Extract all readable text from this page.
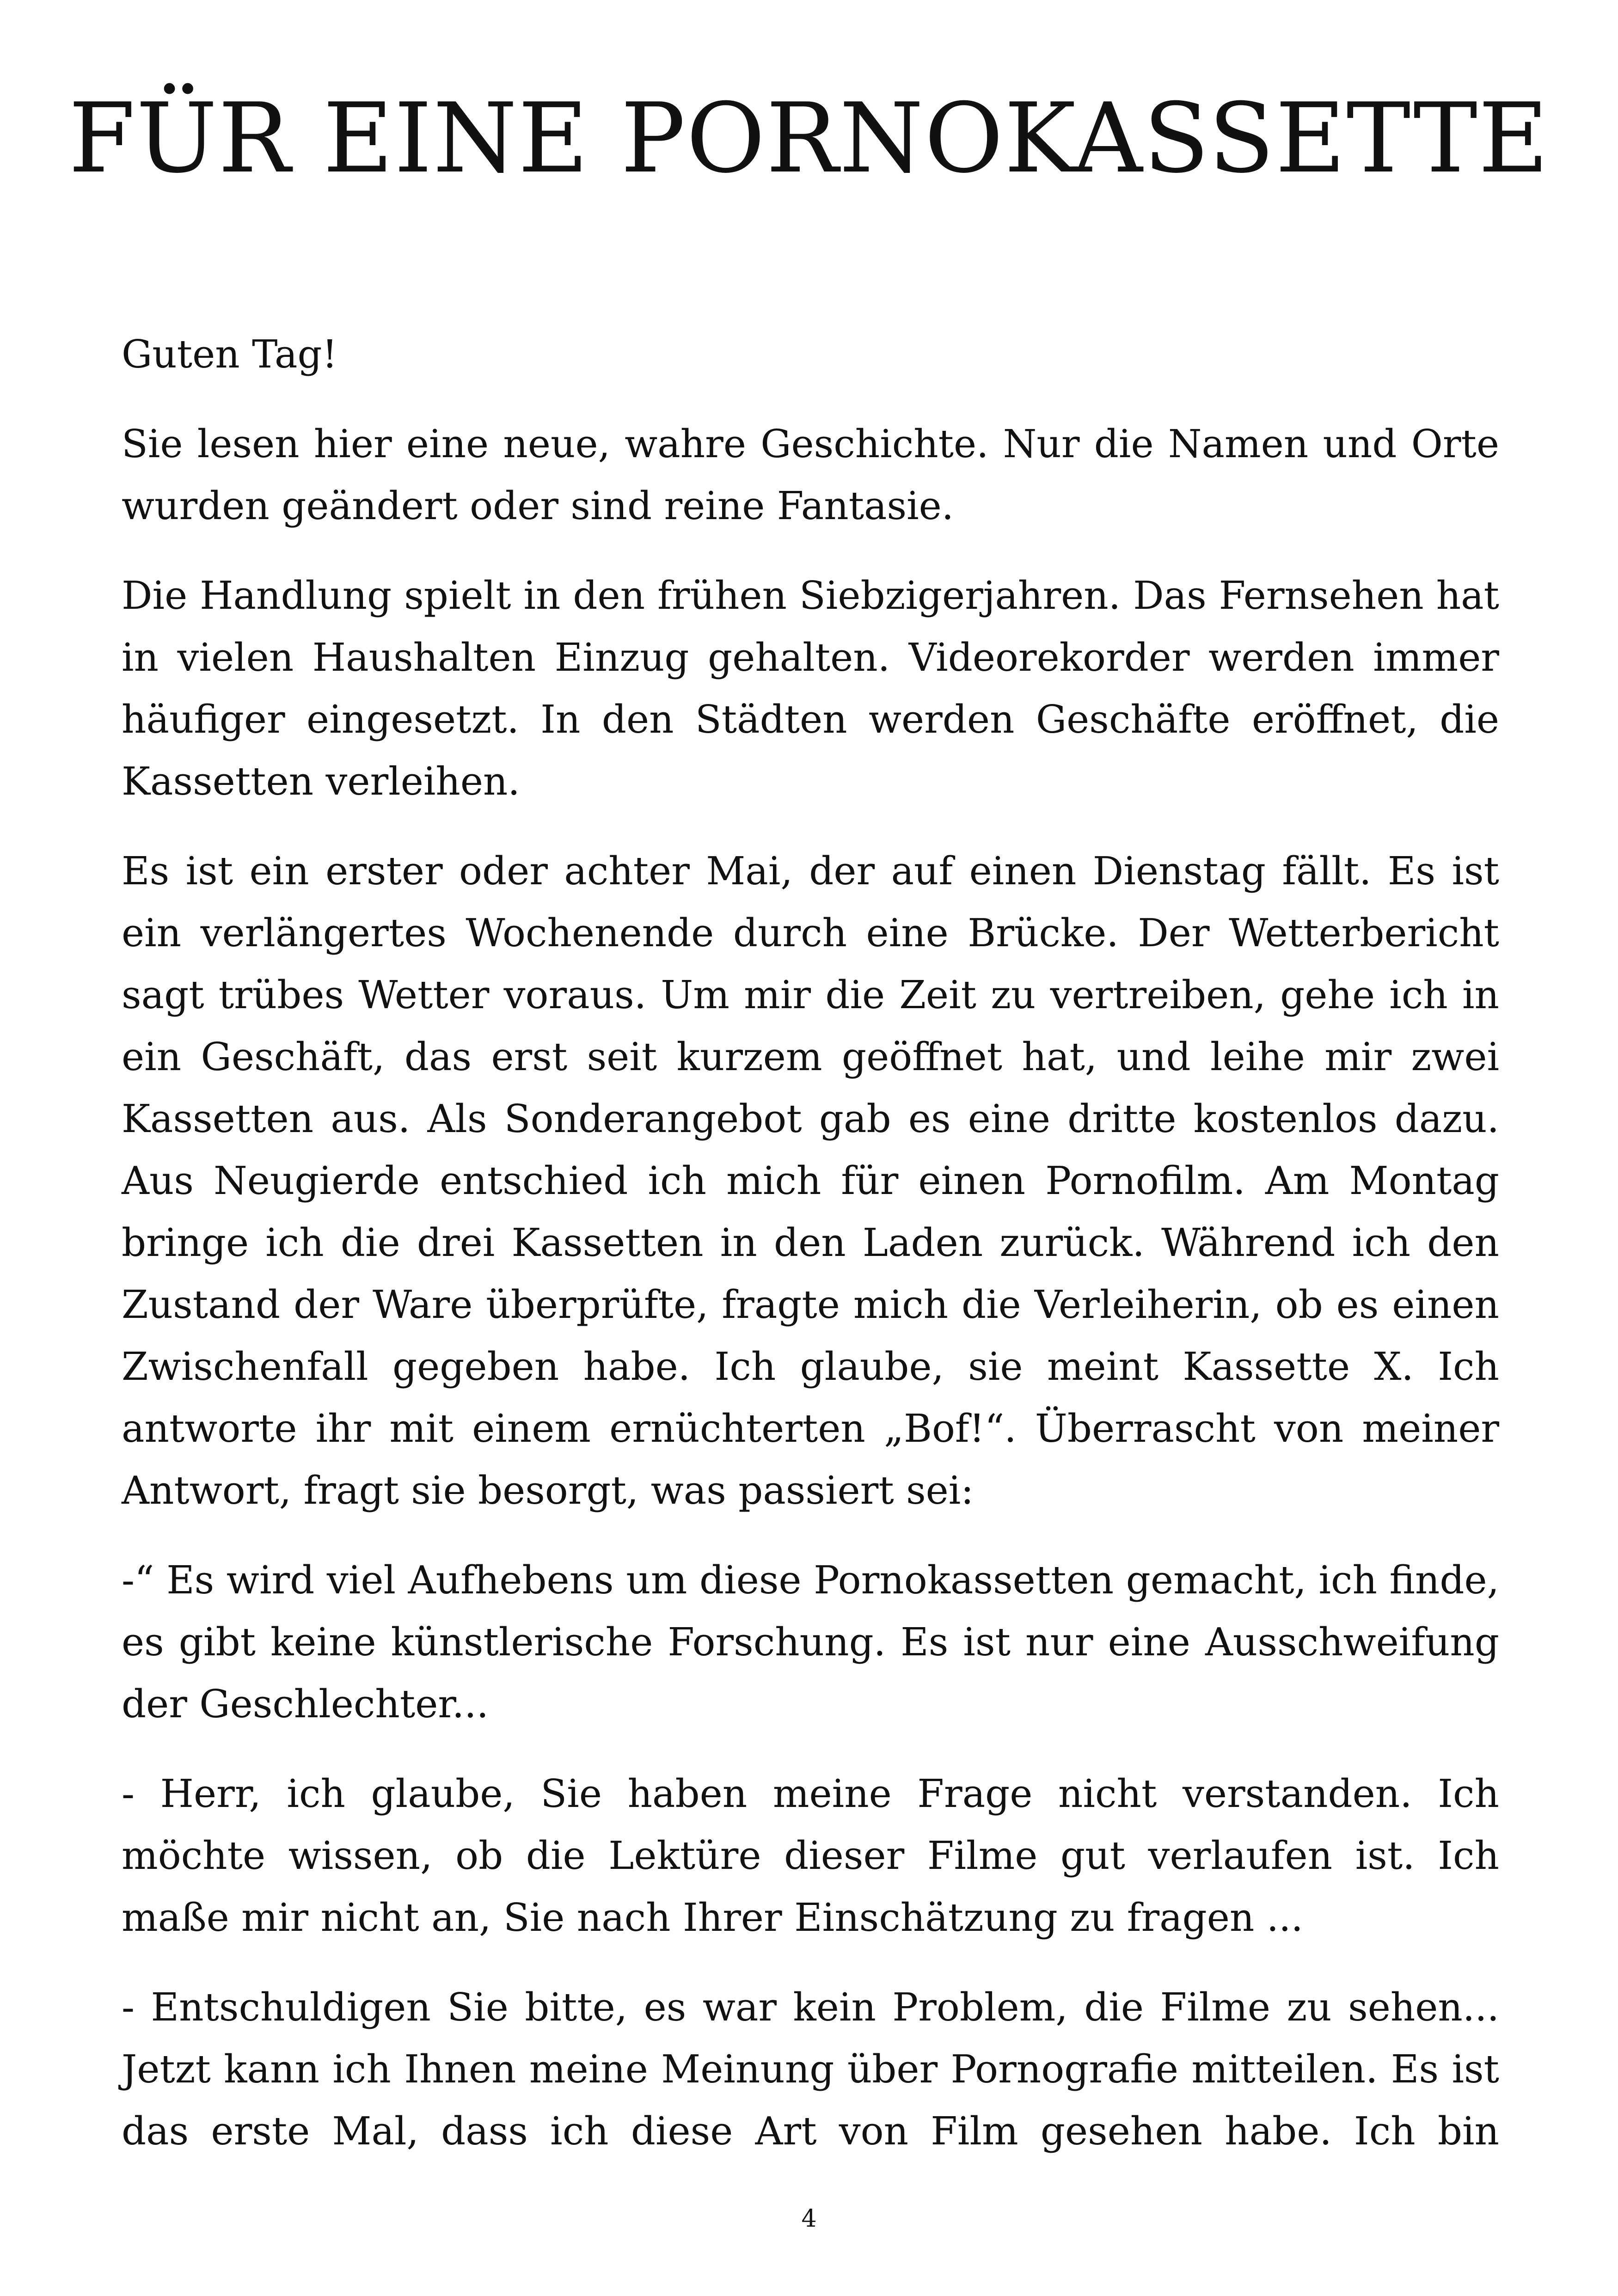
FÜR EINE PORNOKASSETTE

Guten Tag!

Sie lesen hier eine neue, wahre Geschichte. Nur die Namen und Orte wurden geändert oder sind reine Fantasie.

Die Handlung spielt in den frühen Siebzigerjahren. Das Fernsehen hat in vielen Haushalten Einzug gehalten. Videorekorder werden immer häufiger eingesetzt. In den Städten werden Geschäfte eröffnet, die Kassetten verleihen.

Es ist ein erster oder achter Mai, der auf einen Dienstag fällt. Es ist ein verlängertes Wochenende durch eine Brücke. Der Wetterbericht sagt trübes Wetter voraus. Um mir die Zeit zu vertreiben, gehe ich in ein Geschäft, das erst seit kurzem geöffnet hat, und leihe mir zwei Kassetten aus. Als Sonderangebot gab es eine dritte kostenlos dazu. Aus Neugierde entschied ich mich für einen Pornofilm. Am Montag bringe ich die drei Kassetten in den Laden zurück. Während ich den Zustand der Ware überprüfte, fragte mich die Verleiherin, ob es einen Zwischenfall gegeben habe. Ich glaube, sie meint Kassette X. Ich antworte ihr mit einem ernüchterten „Bof!“. Überrascht von meiner Antwort, fragt sie besorgt, was passiert sei:

-“ Es wird viel Aufhebens um diese Pornokassetten gemacht, ich finde, es gibt keine künstlerische Forschung. Es ist nur eine Ausschweifung der Geschlechter...

- Herr, ich glaube, Sie haben meine Frage nicht verstanden. Ich möchte wissen, ob die Lektüre dieser Filme gut verlaufen ist. Ich maße mir nicht an, Sie nach Ihrer Einschätzung zu fragen ...

- Entschuldigen Sie bitte, es war kein Problem, die Filme zu sehen... Jetzt kann ich Ihnen meine Meinung über Pornografie mitteilen. Es ist das erste Mal, dass ich diese Art von Film gesehen habe. Ich bin

4
